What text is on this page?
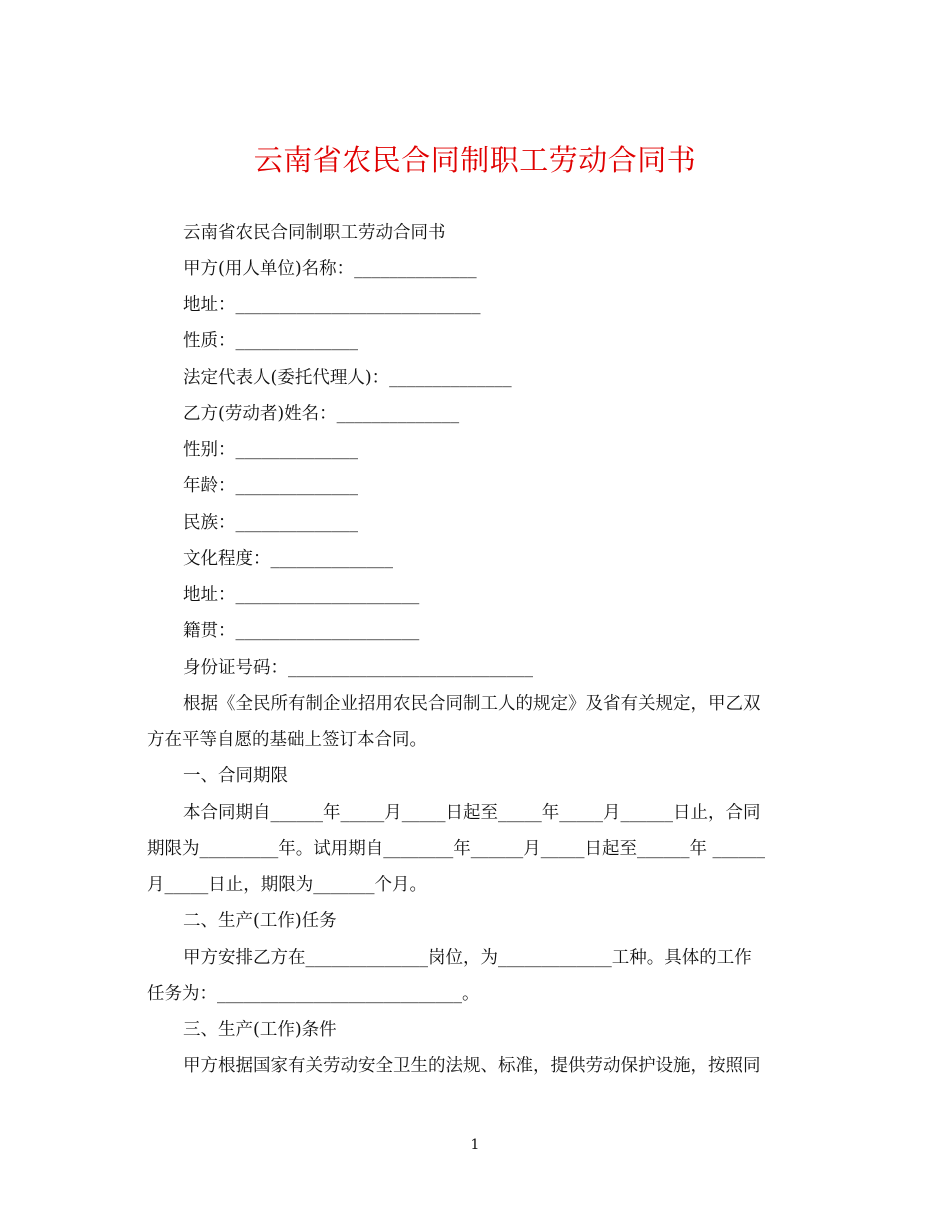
云南省农民合同制职工劳动合同书
云南省农民合同制职工劳动合同书
甲方(用人单位)名称：______________
地址：____________________________
性质：______________
法定代表人(委托代理人)：______________
乙方(劳动者)姓名：______________
性别：______________
年龄：______________
民族：______________
文化程度：______________
地址：_____________________
籍贯：_____________________
身份证号码：____________________________
根据《全民所有制企业招用农民合同制工人的规定》及省有关规定，甲乙双
方在平等自愿的基础上签订本合同。
一、合同期限
本合同期自______年_____月_____日起至_____年_____月______日止，合同
期限为_________年。试用期自________年______月_____日起至______年 ______
月_____日止，期限为_______个月。
二、生产(工作)任务
甲方安排乙方在______________岗位，为_____________工种。具体的工作
任务为：____________________________。
三、生产(工作)条件
甲方根据国家有关劳动安全卫生的法规、标准，提供劳动保护设施，按照同
1
